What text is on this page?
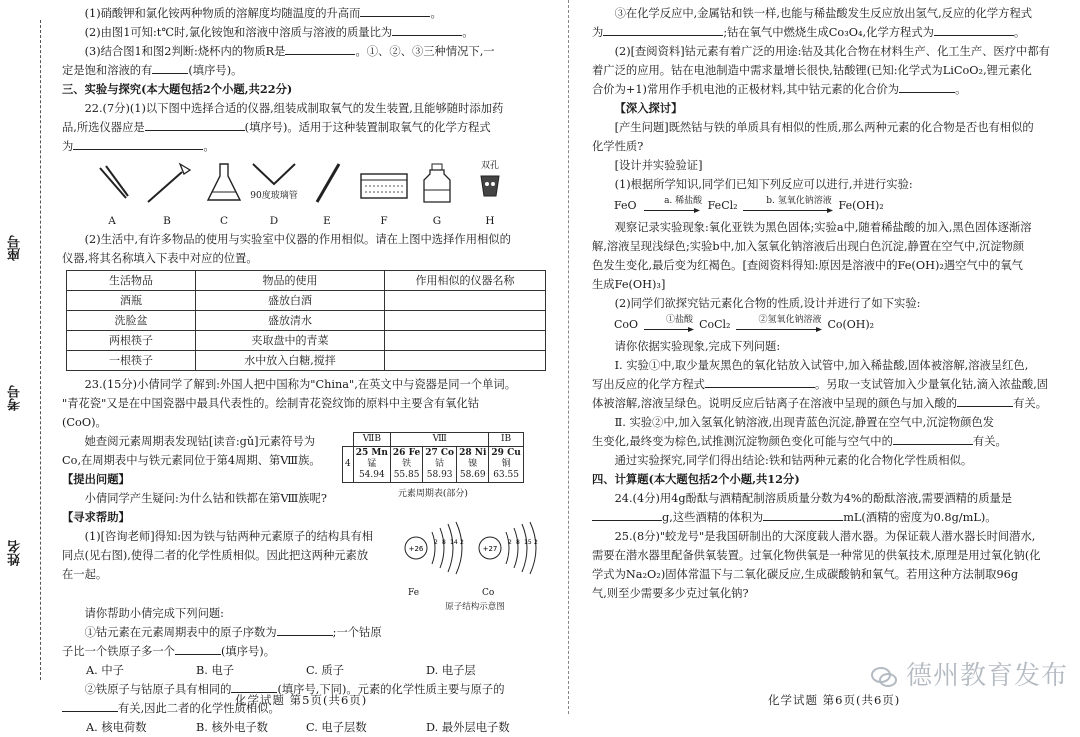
座号
考号
姓名

(1)硝酸钾和氯化铵两种物质的溶解度均随温度的升高而	。

(2)由图1可知:t℃时,氯化铵饱和溶液中溶质与溶液的质量比为	。

(3)结合图1和图2判断:烧杯内的物质R是	。①、②、③三种情况下,一

定是饱和溶液的有	(填序号)。

三、实验与探究(本大题包括2个小题,共22分)

22.(7分)(1)以下图中选择合适的仪器,组装成制取氧气的发生装置,且能够随时添加药

品,所选仪器应是	(填序号)。适用于这种装置制取氧气的化学方程式

为	。

A	B	C
90度玻璃管
D	E	F	G
双孔
H

(2)生活中,有许多物品的使用与实验室中仪器的作用相似。请在上图中选择作用相似的

仪器,将其名称填入下表中对应的位置。

生活物品	物品的使用	作用相似的仪器名称
酒瓶	盛放白酒	
洗脸盆	盛放清水	
两根筷子	夹取盘中的青菜	
一根筷子	水中放入白糖,搅拌	

23.(15分)小倩同学了解到:外国人把中国称为"China",在英文中与瓷器是同一个单词。

"青花瓷"又是在中国瓷器中最具代表性的。绘制青花瓷纹饰的原料中主要含有氧化钴

(CoO)。

她查阅元素周期表发现钴[读音:gǔ]元素符号为

Co,在周期表中与铁元素同位于第4周期、第Ⅷ族。

【提出问题】

小倩同学产生疑问:为什么钴和铁都在第Ⅷ族呢?

【寻求帮助】

(1)[咨询老师]得知:因为铁与钴两种元素原子的结构具有相

同点(见右图),使得二者的化学性质相似。因此把这两种元素放

在一起。

	ⅦB	Ⅷ			ⅠB

4	25 Mn
锰
54.94	26 Fe
铁
55.85	27 Co
钴
58.93	28 Ni
镍
58.69	29 Cu
铜
63.55
元素周期表(部分)
+26
2 8 14 2
+27
2 8 15 2
Fe	Co
原子结构示意图

请你帮助小倩完成下列问题:

①钴元素在元素周期表中的原子序数为	;一个钴原

子比一个铁原子多一个	(填序号)。

A. 中子	B. 电子	C. 质子	D. 电子层

②铁原子与钴原子具有相同的	(填序号,下同)。元素的化学性质主要与原子的

有关,因此二者的化学性质相似。

A. 核电荷数	B. 核外电子数	C. 电子层数	D. 最外层电子数

化学试题 第5页(共6页)

③在化学反应中,金属钴和铁一样,也能与稀盐酸发生反应放出氢气,反应的化学方程式

为	;钴在氧气中燃烧生成Co₃O₄,化学方程式为	。

(2)[查阅资料]钴元素有着广泛的用途:钴及其化合物在材料生产、化工生产、医疗中都有

着广泛的应用。钴在电池制造中需求量增长很快,钴酸锂(已知:化学式为LiCoO₂,锂元素化

合价为+1)常用作手机电池的正极材料,其中钴元素的化合价为	。

【深入探讨】

[产生问题]既然钴与铁的单质具有相似的性质,那么两种元素的化合物是否也有相似的

化学性质?

[设计并实验验证]

(1)根据所学知识,同学们已知下列反应可以进行,并进行实验:

FeO	a. 稀盐酸 FeCl₂	b. 氢氧化钠溶液 Fe(OH)₂

观察记录实验现象:氧化亚铁为黑色固体;实验a中,随着稀盐酸的加入,黑色固体逐渐溶

解,溶液呈现浅绿色;实验b中,加入氢氧化钠溶液后出现白色沉淀,静置在空气中,沉淀物颜

色发生变化,最后变为红褐色。[查阅资料得知:原因是溶液中的Fe(OH)₂遇空气中的氧气

生成Fe(OH)₃]

(2)同学们欲探究钴元素化合物的性质,设计并进行了如下实验:

CoO	①盐酸 CoCl₂	②氢氧化钠溶液 Co(OH)₂

请你依据实验现象,完成下列问题:

Ⅰ. 实验①中,取少量灰黑色的氧化钴放入试管中,加入稀盐酸,固体被溶解,溶液呈红色,

写出反应的化学方程式	。另取一支试管加入少量氧化钴,滴入浓盐酸,固

体被溶解,溶液呈绿色。说明反应后钴离子在溶液中呈现的颜色与加入酸的	有关。

Ⅱ. 实验②中,加入氢氧化钠溶液,出现青蓝色沉淀,静置在空气中,沉淀物颜色发

生变化,最终变为棕色,试推测沉淀物颜色变化可能与空气中的	有关。

通过实验探究,同学们得出结论:铁和钴两种元素的化合物化学性质相似。

四、计算题(本大题包括2个小题,共12分)

24.(4分)用4g酚酞与酒精配制溶质质量分数为4%的酚酞溶液,需要酒精的质量是

g,这些酒精的体积为	mL(酒精的密度为0.8g/mL)。

25.(8分)"蛟龙号"是我国研制出的大深度载人潜水器。为保证载人潜水器长时间潜水,

需要在潜水器里配备供氧装置。过氧化物供氧是一种常见的供氧技术,原理是用过氧化钠(化

学式为Na₂O₂)固体常温下与二氧化碳反应,生成碳酸钠和氧气。若用这种方法制取96g

气,则至少需要多少克过氧化钠?

化学试题 第6页(共6页)
德州教育发布
